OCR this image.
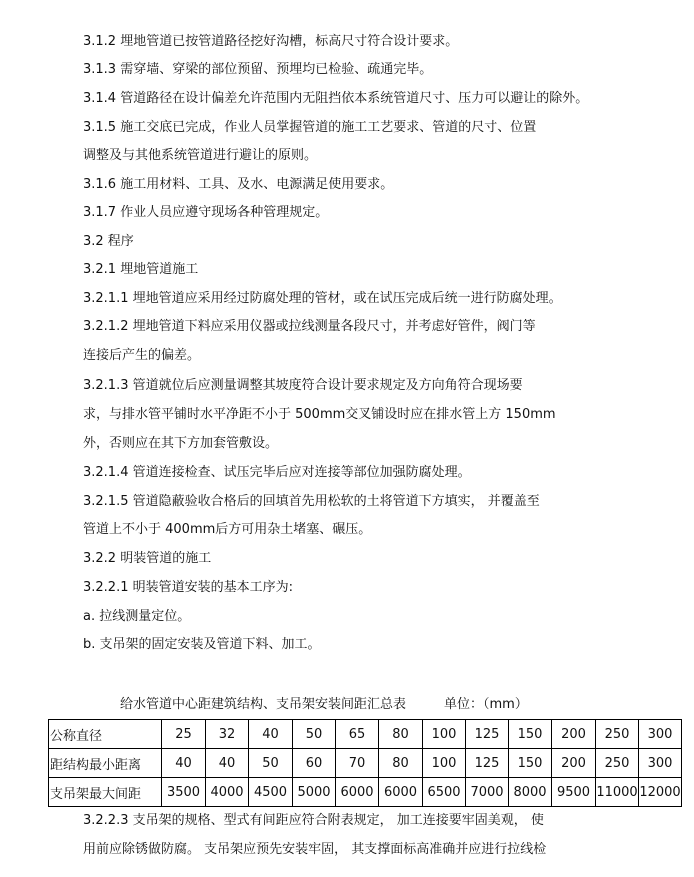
3.1.2 埋地管道已按管道路径挖好沟槽，标高尺寸符合设计要求。
3.1.3 需穿墙、穿梁的部位预留、预埋均已检验、疏通完毕。
3.1.4 管道路径在设计偏差允许范围内无阻挡依本系统管道尺寸、压力可以避让的除外。
3.1.5 施工交底已完成，作业人员掌握管道的施工工艺要求、管道的尺寸、位置
调整及与其他系统管道进行避让的原则。
3.1.6 施工用材料、工具、及水、电源满足使用要求。
3.1.7 作业人员应遵守现场各种管理规定。
3.2 程序
3.2.1 埋地管道施工
3.2.1.1 埋地管道应采用经过防腐处理的管材，或在试压完成后统一进行防腐处理。
3.2.1.2 埋地管道下料应采用仪器或拉线测量各段尺寸，并考虑好管件，阀门等
连接后产生的偏差。
3.2.1.3 管道就位后应测量调整其坡度符合设计要求规定及方向角符合现场要
求，与排水管平铺时水平净距不小于 500mm交叉铺设时应在排水管上方 150mm
外，否则应在其下方加套管敷设。
3.2.1.4 管道连接检查、试压完毕后应对连接等部位加强防腐处理。
3.2.1.5 管道隐蔽验收合格后的回填首先用松软的土将管道下方填实， 并覆盖至
管道上不小于 400mm后方可用杂土堵塞、碾压。
3.2.2 明装管道的施工
3.2.2.1 明装管道安装的基本工序为:
a. 拉线测量定位。
b. 支吊架的固定安装及管道下料、加工。
给水管道中心距建筑结构、支吊架安装间距汇总表	单位：（mm）
公称直径	25	32	40	50	65	80	100	125	150	200	250	300
距结构最小距离	40	40	50	60	70	80	100	125	150	200	250	300
支吊架最大间距	3500	4000	4500	5000	6000	6000	6500	7000	8000	9500	11000	12000
3.2.2.3 支吊架的规格、型式有间距应符合附表规定， 加工连接要牢固美观， 使
用前应除锈做防腐。 支吊架应预先安装牢固， 其支撑面标高准确并应进行拉线检
